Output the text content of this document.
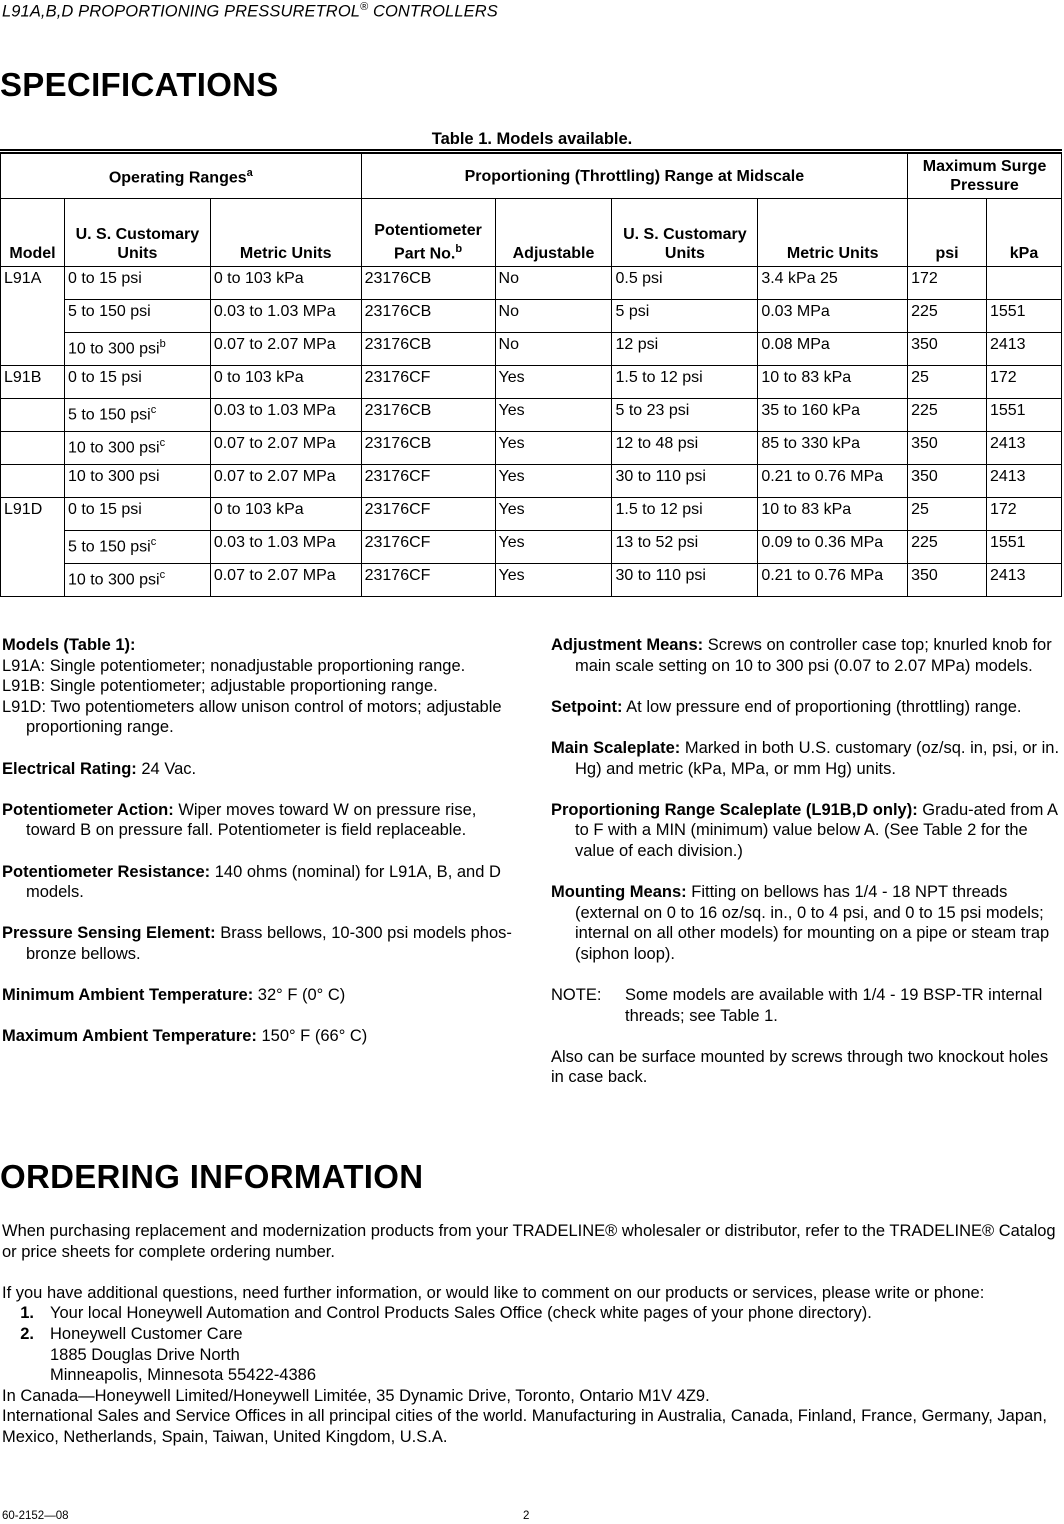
L91A,B,D PROPORTIONING PRESSURETROL® CONTROLLERS
SPECIFICATIONS
Table 1. Models available.
Operating Ranges$^a$			Proportioning (Throttling) Range at Midscale				Maximum Surge Pressure	
Model	U. S. Customary Units	Metric Units	Potentiometer Part No.$^b$	Adjustable	U. S. Customary Units	Metric Units	psi	kPa
L91A	0 to 15 psi	0 to 103 kPa	23176CB	No	0.5 psi	3.4 kPa 25	172	
	5 to 150 psi	0.03 to 1.03 MPa	23176CB	No	5 psi	0.03 MPa	225	1551
	10 to 300 psi$^b$	0.07 to 2.07 MPa	23176CB	No	12 psi	0.08 MPa	350	2413
L91B	0 to 15 psi	0 to 103 kPa	23176CF	Yes	1.5 to 12 psi	10 to 83 kPa	25	172
	5 to 150 psi$^c$	0.03 to 1.03 MPa	23176CB	Yes	5 to 23 psi	35 to 160 kPa	225	1551
	10 to 300 psi$^c$	0.07 to 2.07 MPa	23176CB	Yes	12 to 48 psi	85 to 330 kPa	350	2413
	10 to 300 psi	0.07 to 2.07 MPa	23176CF	Yes	30 to 110 psi	0.21 to 0.76 MPa	350	2413
L91D	0 to 15 psi	0 to 103 kPa	23176CF	Yes	1.5 to 12 psi	10 to 83 kPa	25	172
	5 to 150 psi$^c$	0.03 to 1.03 MPa	23176CF	Yes	13 to 52 psi	0.09 to 0.36 MPa	225	1551
	10 to 300 psi$^c$	0.07 to 2.07 MPa	23176CF	Yes	30 to 110 psi	0.21 to 0.76 MPa	350	2413
Models (Table 1):
L91A: Single potentiometer; nonadjustable proportioning range.
L91B: Single potentiometer; adjustable proportioning range.
L91D: Two potentiometers allow unison control of motors; adjustable proportioning range.
Electrical Rating: 24 Vac.
Potentiometer Action: Wiper moves toward W on pressure rise, toward B on pressure fall. Potentiometer is field replaceable.
Potentiometer Resistance: 140 ohms (nominal) for L91A, B, and D models.
Pressure Sensing Element: Brass bellows, 10-300 psi models phos-bronze bellows.
Minimum Ambient Temperature: 32° F (0° C)
Maximum Ambient Temperature: 150° F (66° C)
Adjustment Means: Screws on controller case top; knurled knob for main scale setting on 10 to 300 psi (0.07 to 2.07 MPa) models.
Setpoint: At low pressure end of proportioning (throttling) range.
Main Scaleplate: Marked in both U.S. customary (oz/sq. in, psi, or in. Hg) and metric (kPa, MPa, or mm Hg) units.
Proportioning Range Scaleplate (L91B,D only): Gradu-ated from A to F with a MIN (minimum) value below A. (See Table 2 for the value of each division.)
Mounting Means: Fitting on bellows has 1/4 - 18 NPT threads (external on 0 to 16 oz/sq. in., 0 to 4 psi, and 0 to 15 psi models; internal on all other models) for mounting on a pipe or steam trap (siphon loop).
NOTE:	Some models are available with 1/4 - 19 BSP-TR internal threads; see Table 1.
Also can be surface mounted by screws through two knockout holes in case back.
ORDERING INFORMATION

When purchasing replacement and modernization products from your TRADELINE® wholesaler or distributor, refer to the TRADELINE® Catalog or price sheets for complete ordering number.

If you have additional questions, need further information, or would like to comment on our products or services, please write or phone:
1. Your local Honeywell Automation and Control Products Sales Office (check white pages of your phone directory).
2. Honeywell Customer Care
1885 Douglas Drive North
Minneapolis, Minnesota 55422-4386
In Canada—Honeywell Limited/Honeywell Limitée, 35 Dynamic Drive, Toronto, Ontario M1V 4Z9.
International Sales and Service Offices in all principal cities of the world. Manufacturing in Australia, Canada, Finland, France, Germany, Japan, Mexico, Netherlands, Spain, Taiwan, United Kingdom, U.S.A.
60-2152—08	2
